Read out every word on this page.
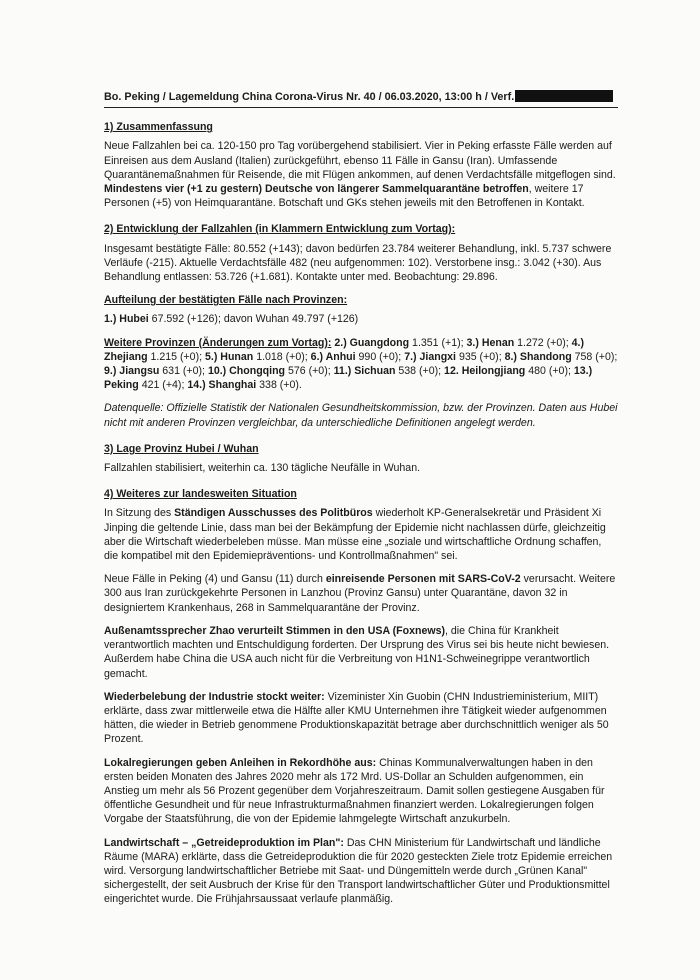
Bo. Peking / Lagemeldung China Corona-Virus Nr. 40 / 06.03.2020, 13:00 h / Verf.
1) Zusammenfassung

Neue Fallzahlen bei ca. 120-150 pro Tag vorübergehend stabilisiert. Vier in Peking erfasste Fälle werden auf Einreisen aus dem Ausland (Italien) zurückgeführt, ebenso 11 Fälle in Gansu (Iran). Umfassende Quarantänemaßnahmen für Reisende, die mit Flügen ankommen, auf denen Verdachtsfälle mitgeflogen sind. Mindestens vier (+1 zu gestern) Deutsche von längerer Sammelquarantäne betroffen, weitere 17 Personen (+5) von Heimquarantäne. Botschaft und GKs stehen jeweils mit den Betroffenen in Kontakt.

2) Entwicklung der Fallzahlen (in Klammern Entwicklung zum Vortag):

Insgesamt bestätigte Fälle: 80.552 (+143); davon bedürfen 23.784 weiterer Behandlung, inkl. 5.737 schwere Verläufe (-215). Aktuelle Verdachtsfälle 482 (neu aufgenommen: 102). Verstorbene insg.: 3.042 (+30). Aus Behandlung entlassen: 53.726 (+1.681). Kontakte unter med. Beobachtung: 29.896.

Aufteilung der bestätigten Fälle nach Provinzen:

1.) Hubei 67.592 (+126); davon Wuhan 49.797 (+126)

Weitere Provinzen (Änderungen zum Vortag): 2.) Guangdong 1.351 (+1); 3.) Henan 1.272 (+0); 4.) Zhejiang 1.215 (+0); 5.) Hunan 1.018 (+0); 6.) Anhui 990 (+0); 7.) Jiangxi 935 (+0); 8.) Shandong 758 (+0); 9.) Jiangsu 631 (+0); 10.) Chongqing 576 (+0); 11.) Sichuan 538 (+0); 12. Heilongjiang 480 (+0); 13.) Peking 421 (+4); 14.) Shanghai 338 (+0).

Datenquelle: Offizielle Statistik der Nationalen Gesundheitskommission, bzw. der Provinzen. Daten aus Hubei nicht mit anderen Provinzen vergleichbar, da unterschiedliche Definitionen angelegt werden.

3) Lage Provinz Hubei / Wuhan

Fallzahlen stabilisiert, weiterhin ca. 130 tägliche Neufälle in Wuhan.

4) Weiteres zur landesweiten Situation

In Sitzung des Ständigen Ausschusses des Politbüros wiederholt KP-Generalsekretär und Präsident Xi Jinping die geltende Linie, dass man bei der Bekämpfung der Epidemie nicht nachlassen dürfe, gleichzeitig aber die Wirtschaft wiederbeleben müsse. Man müsse eine „soziale und wirtschaftliche Ordnung schaffen, die kompatibel mit den Epidemiepräventions- und Kontrollmaßnahmen" sei.

Neue Fälle in Peking (4) und Gansu (11) durch einreisende Personen mit SARS-CoV-2 verursacht. Weitere 300 aus Iran zurückgekehrte Personen in Lanzhou (Provinz Gansu) unter Quarantäne, davon 32 in designiertem Krankenhaus, 268 in Sammelquarantäne der Provinz.

Außenamtssprecher Zhao verurteilt Stimmen in den USA (Foxnews), die China für Krankheit verantwortlich machten und Entschuldigung forderten. Der Ursprung des Virus sei bis heute nicht bewiesen. Außerdem habe China die USA auch nicht für die Verbreitung von H1N1-Schweinegrippe verantwortlich gemacht.

Wiederbelebung der Industrie stockt weiter: Vizeminister Xin Guobin (CHN Industrieministerium, MIIT) erklärte, dass zwar mittlerweile etwa die Hälfte aller KMU Unternehmen ihre Tätigkeit wieder aufgenommen hätten, die wieder in Betrieb genommene Produktionskapazität betrage aber durchschnittlich weniger als 50 Prozent.

Lokalregierungen geben Anleihen in Rekordhöhe aus: Chinas Kommunalverwaltungen haben in den ersten beiden Monaten des Jahres 2020 mehr als 172 Mrd. US-Dollar an Schulden aufgenommen, ein Anstieg um mehr als 56 Prozent gegenüber dem Vorjahreszeitraum. Damit sollen gestiegene Ausgaben für öffentliche Gesundheit und für neue Infrastrukturmaßnahmen finanziert werden. Lokalregierungen folgen Vorgabe der Staatsführung, die von der Epidemie lahmgelegte Wirtschaft anzukurbeln.

Landwirtschaft – „Getreideproduktion im Plan": Das CHN Ministerium für Landwirtschaft und ländliche Räume (MARA) erklärte, dass die Getreideproduktion die für 2020 gesteckten Ziele trotz Epidemie erreichen wird. Versorgung landwirtschaftlicher Betriebe mit Saat- und Düngemitteln werde durch „Grünen Kanal" sichergestellt, der seit Ausbruch der Krise für den Transport landwirtschaftlicher Güter und Produktionsmittel eingerichtet wurde. Die Frühjahrsaussaat verlaufe planmäßig.
